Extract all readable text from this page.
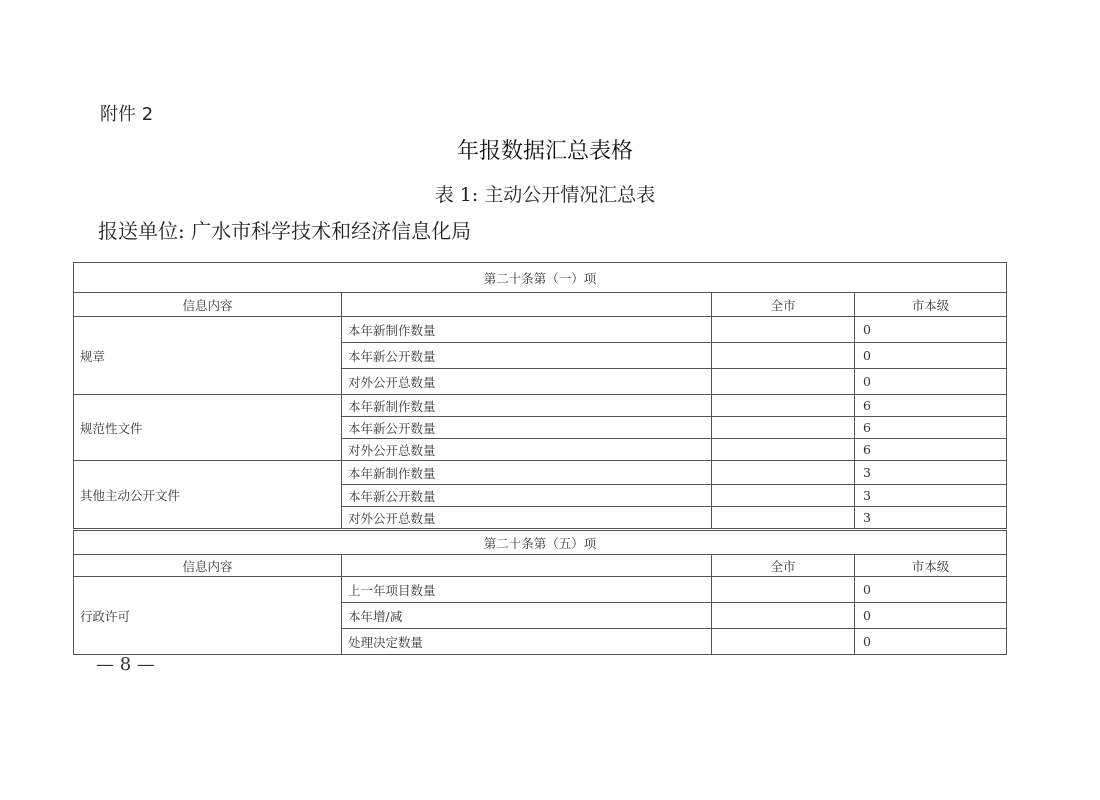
附件 2
年报数据汇总表格
表 1: 主动公开情况汇总表
报送单位: 广水市科学技术和经济信息化局
第二十条第（一）项			
信息内容		全市	市本级
规章	本年新制作数量		0
	本年新公开数量		0
	对外公开总数量		0
规范性文件	本年新制作数量		6
	本年新公开数量		6
	对外公开总数量		6
其他主动公开文件	本年新制作数量		3
	本年新公开数量		3
	对外公开总数量		3
第二十条第（五）项			
信息内容		全市	市本级
行政许可	上一年项目数量		0
	本年增/减		0
	处理决定数量		0
— 8 —
